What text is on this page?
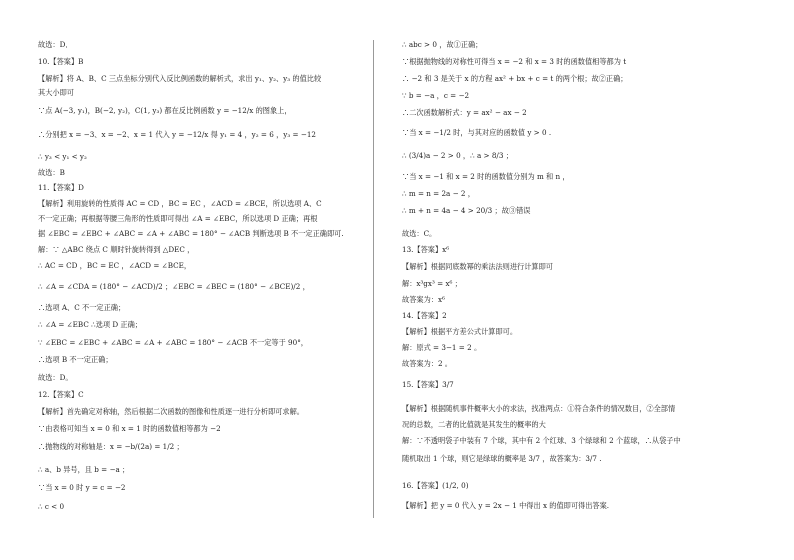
故选：D．
10.【答案】B
【解析】将 A、B、C 三点坐标分别代入反比例函数的解析式，求出 y₁、y₂、y₃ 的值比较
其大小即可
∵点 A(−3, y₁)，B(−2, y₂)，C(1, y₃) 都在反比例函数 y = −12/x 的图象上，
∴分别把 x = −3、x = −2、x = 1 代入 y = −12/x 得 y₁ = 4 ，y₂ = 6 ，y₃ = −12
∴ y₃ < y₁ < y₂
故选：B
11.【答案】D
【解析】利用旋转的性质得 AC = CD ，BC = EC ，∠ACD = ∠BCE，所以选项 A、C
不一定正确；再根据等腰三角形的性质即可得出 ∠A = ∠EBC，所以选项 D 正确；再根
据 ∠EBC = ∠EBC + ∠ABC = ∠A + ∠ABC = 180° − ∠ACB 判断选项 B 不一定正确即可.
解：∵ △ABC 绕点 C 顺时针旋转得到 △DEC ，
∴ AC = CD ，BC = EC ，∠ACD = ∠BCE，
∴ ∠A = ∠CDA = (180° − ∠ACD)/2 ；∠EBC = ∠BEC = (180° − ∠BCE)/2 ，
∴选项 A、C 不一定正确；
∴ ∠A = ∠EBC ∴选项 D 正确；
∵ ∠EBC = ∠EBC + ∠ABC = ∠A + ∠ABC = 180° − ∠ACB 不一定等于 90°，
∴选项 B 不一定正确；
故选：D。
12.【答案】C
【解析】首先确定对称轴，然后根据二次函数的图像和性质逐一进行分析即可求解。
∵由表格可知当 x = 0 和 x = 1 时的函数值相等都为 −2
∴抛物线的对称轴是：x = −b/(2a) = 1/2 ；
∴ a、b 异号，且 b = −a ；
∵当 x = 0 时 y = c = −2
∴ c < 0
∴ abc > 0 ，故①正确；
∵根据抛物线的对称性可得当 x = −2 和 x = 3 时的函数值相等都为 t
∴ −2 和 3 是关于 x 的方程 ax² + bx + c = t 的两个根；故②正确；
∵ b = −a ，c = −2
∴二次函数解析式：y = ax² − ax − 2
∵当 x = −1/2 时，与其对应的函数值 y > 0 .
∴ (3/4)a − 2 > 0 ，∴ a > 8/3 ；
∵当 x = −1 和 x = 2 时的函数值分别为 m 和 n ，
∴ m = n = 2a − 2 ，
∴ m + n = 4a − 4 > 20/3 ；故③错误
故选：C。
13.【答案】x⁶
【解析】根据同底数幂的乘法法则进行计算即可
解：x³gx³ = x⁶ ；
故答案为：x⁶
14.【答案】2
【解析】根据平方差公式计算即可。
解：原式 = 3−1 = 2 。
故答案为：2 。
15.【答案】3/7
【解析】根据随机事件概率大小的求法，找准两点：①符合条件的情况数目，②全部情
况的总数，二者的比值就是其发生的概率的大
解：∵不透明袋子中装有 7 个球，其中有 2 个红球、3 个绿球和 2 个蓝球，∴从袋子中
随机取出 1 个球，则它是绿球的概率是 3/7 ，故答案为：3/7 .
16.【答案】(1/2, 0)
【解析】把 y = 0 代入 y = 2x − 1 中得出 x 的值即可得出答案.
